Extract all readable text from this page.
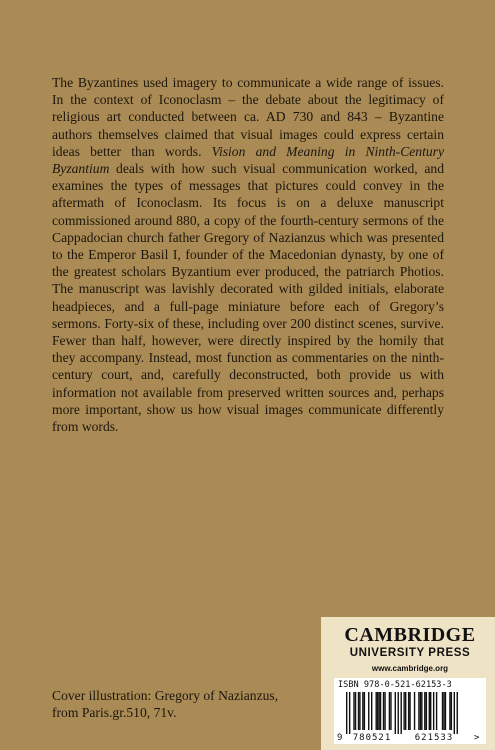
The Byzantines used imagery to communicate a wide range of issues. In the context of Iconoclasm – the debate about the legitimacy of religious art conducted between ca. AD 730 and 843 – Byzantine authors themselves claimed that visual images could express certain ideas better than words. Vision and Meaning in Ninth-Century Byzantium deals with how such visual communication worked, and examines the types of messages that pictures could convey in the aftermath of Iconoclasm. Its focus is on a deluxe manuscript commissioned around 880, a copy of the fourth-century sermons of the Cappadocian church father Gregory of Nazianzus which was presented to the Emperor Basil I, founder of the Macedonian dynasty, by one of the greatest scholars Byzantium ever produced, the patriarch Photios. The manuscript was lavishly decorated with gilded initials, elaborate headpieces, and a full-page miniature before each of Gregory’s sermons. Forty-six of these, including over 200 distinct scenes, survive. Fewer than half, however, were directly inspired by the homily that they accompany. Instead, most function as commentaries on the ninth-century court, and, carefully deconstructed, both provide us with information not available from preserved written sources and, perhaps more important, show us how visual images communicate differently from words.
CAMBRIDGE
UNIVERSITY PRESS
www.cambridge.org
ISBN 978-0-521-62153-3
9 780521	621533 >
Cover illustration: Gregory of Nazianzus,
from Paris.gr.510, 71v.
